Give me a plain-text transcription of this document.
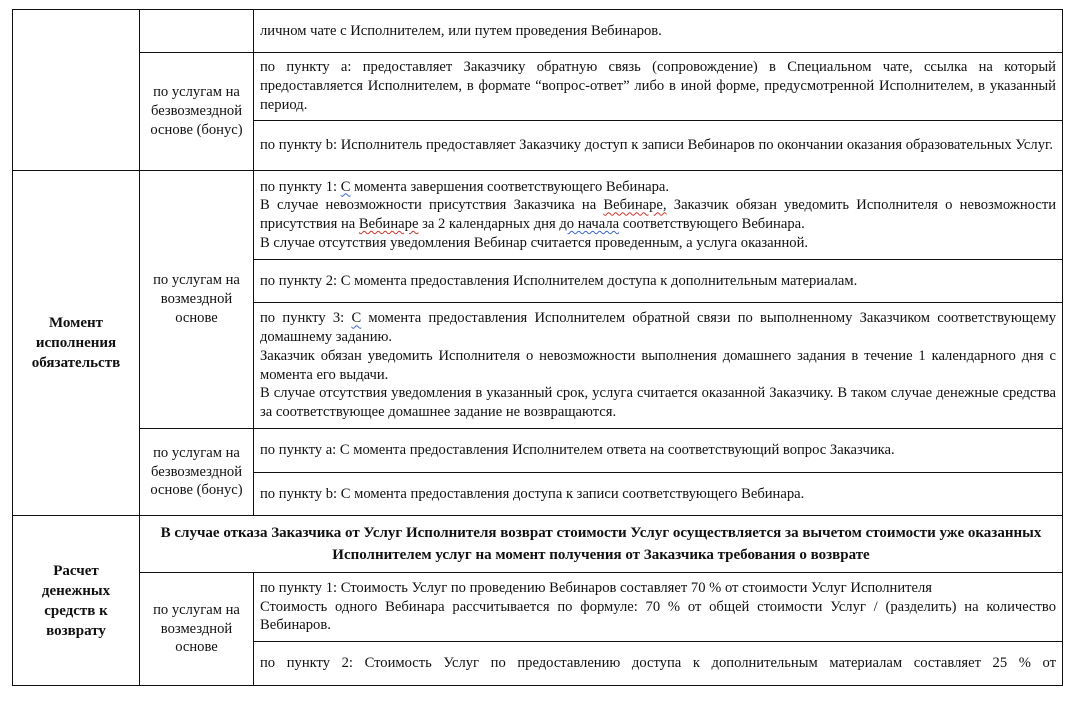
		личном чате с Исполнителем, или путем проведения Вебинаров.
	по услугам на безвозмездной основе (бонус)	по пункту a: предоставляет Заказчику обратную связь (сопровождение) в Специальном чате, ссылка на который предоставляется Исполнителем, в формате “вопрос-ответ” либо в иной форме, предусмотренной Исполнителем, в указанный период.
		по пункту b: Исполнитель предоставляет Заказчику доступ к записи Вебинаров по окончании оказания образовательных Услуг.
Момент исполнения обязательств	по услугам на возмездной основе	по пункту 1: С момента завершения соответствующего Вебинара.
В случае невозможности присутствия Заказчика на Вебинаре, Заказчик обязан уведомить Исполнителя о невозможности присутствия на Вебинаре за 2 календарных дня до начала соответствующего Вебинара.
В случае отсутствия уведомления Вебинар считается проведенным, а услуга оказанной.

		по пункту 2: С момента предоставления Исполнителем доступа к дополнительным материалам.

		по пункту 3: С момента предоставления Исполнителем обратной связи по выполненному Заказчиком соответствующему домашнему заданию.
Заказчик обязан уведомить Исполнителя о невозможности выполнения домашнего задания в течение 1 календарного дня с момента его выдачи.
В случае отсутствия уведомления в указанный срок, услуга считается оказанной Заказчику. В таком случае денежные средства за соответствующее домашнее задание не возвращаются.

	по услугам на безвозмездной основе (бонус)	по пункту a: С момента предоставления Исполнителем ответа на соответствующий вопрос Заказчика.
		по пункту b: С момента предоставления доступа к записи соответствующего Вебинара.
Расчет денежных средств к возврату	В случае отказа Заказчика от Услуг Исполнителя возврат стоимости Услуг осуществляется за вычетом стоимости уже оказанных Исполнителем услуг на момент получения от Заказчика требования о возврате	
	по услугам на возмездной основе	по пункту 1: Стоимость Услуг по проведению Вебинаров составляет 70 % от стоимости Услуг Исполнителя
Стоимость одного Вебинара рассчитывается по формуле: 70 % от общей стоимости Услуг / (разделить) на количество Вебинаров.

		по пункту 2: Стоимость Услуг по предоставлению доступа к дополнительным материалам составляет 25 % от
